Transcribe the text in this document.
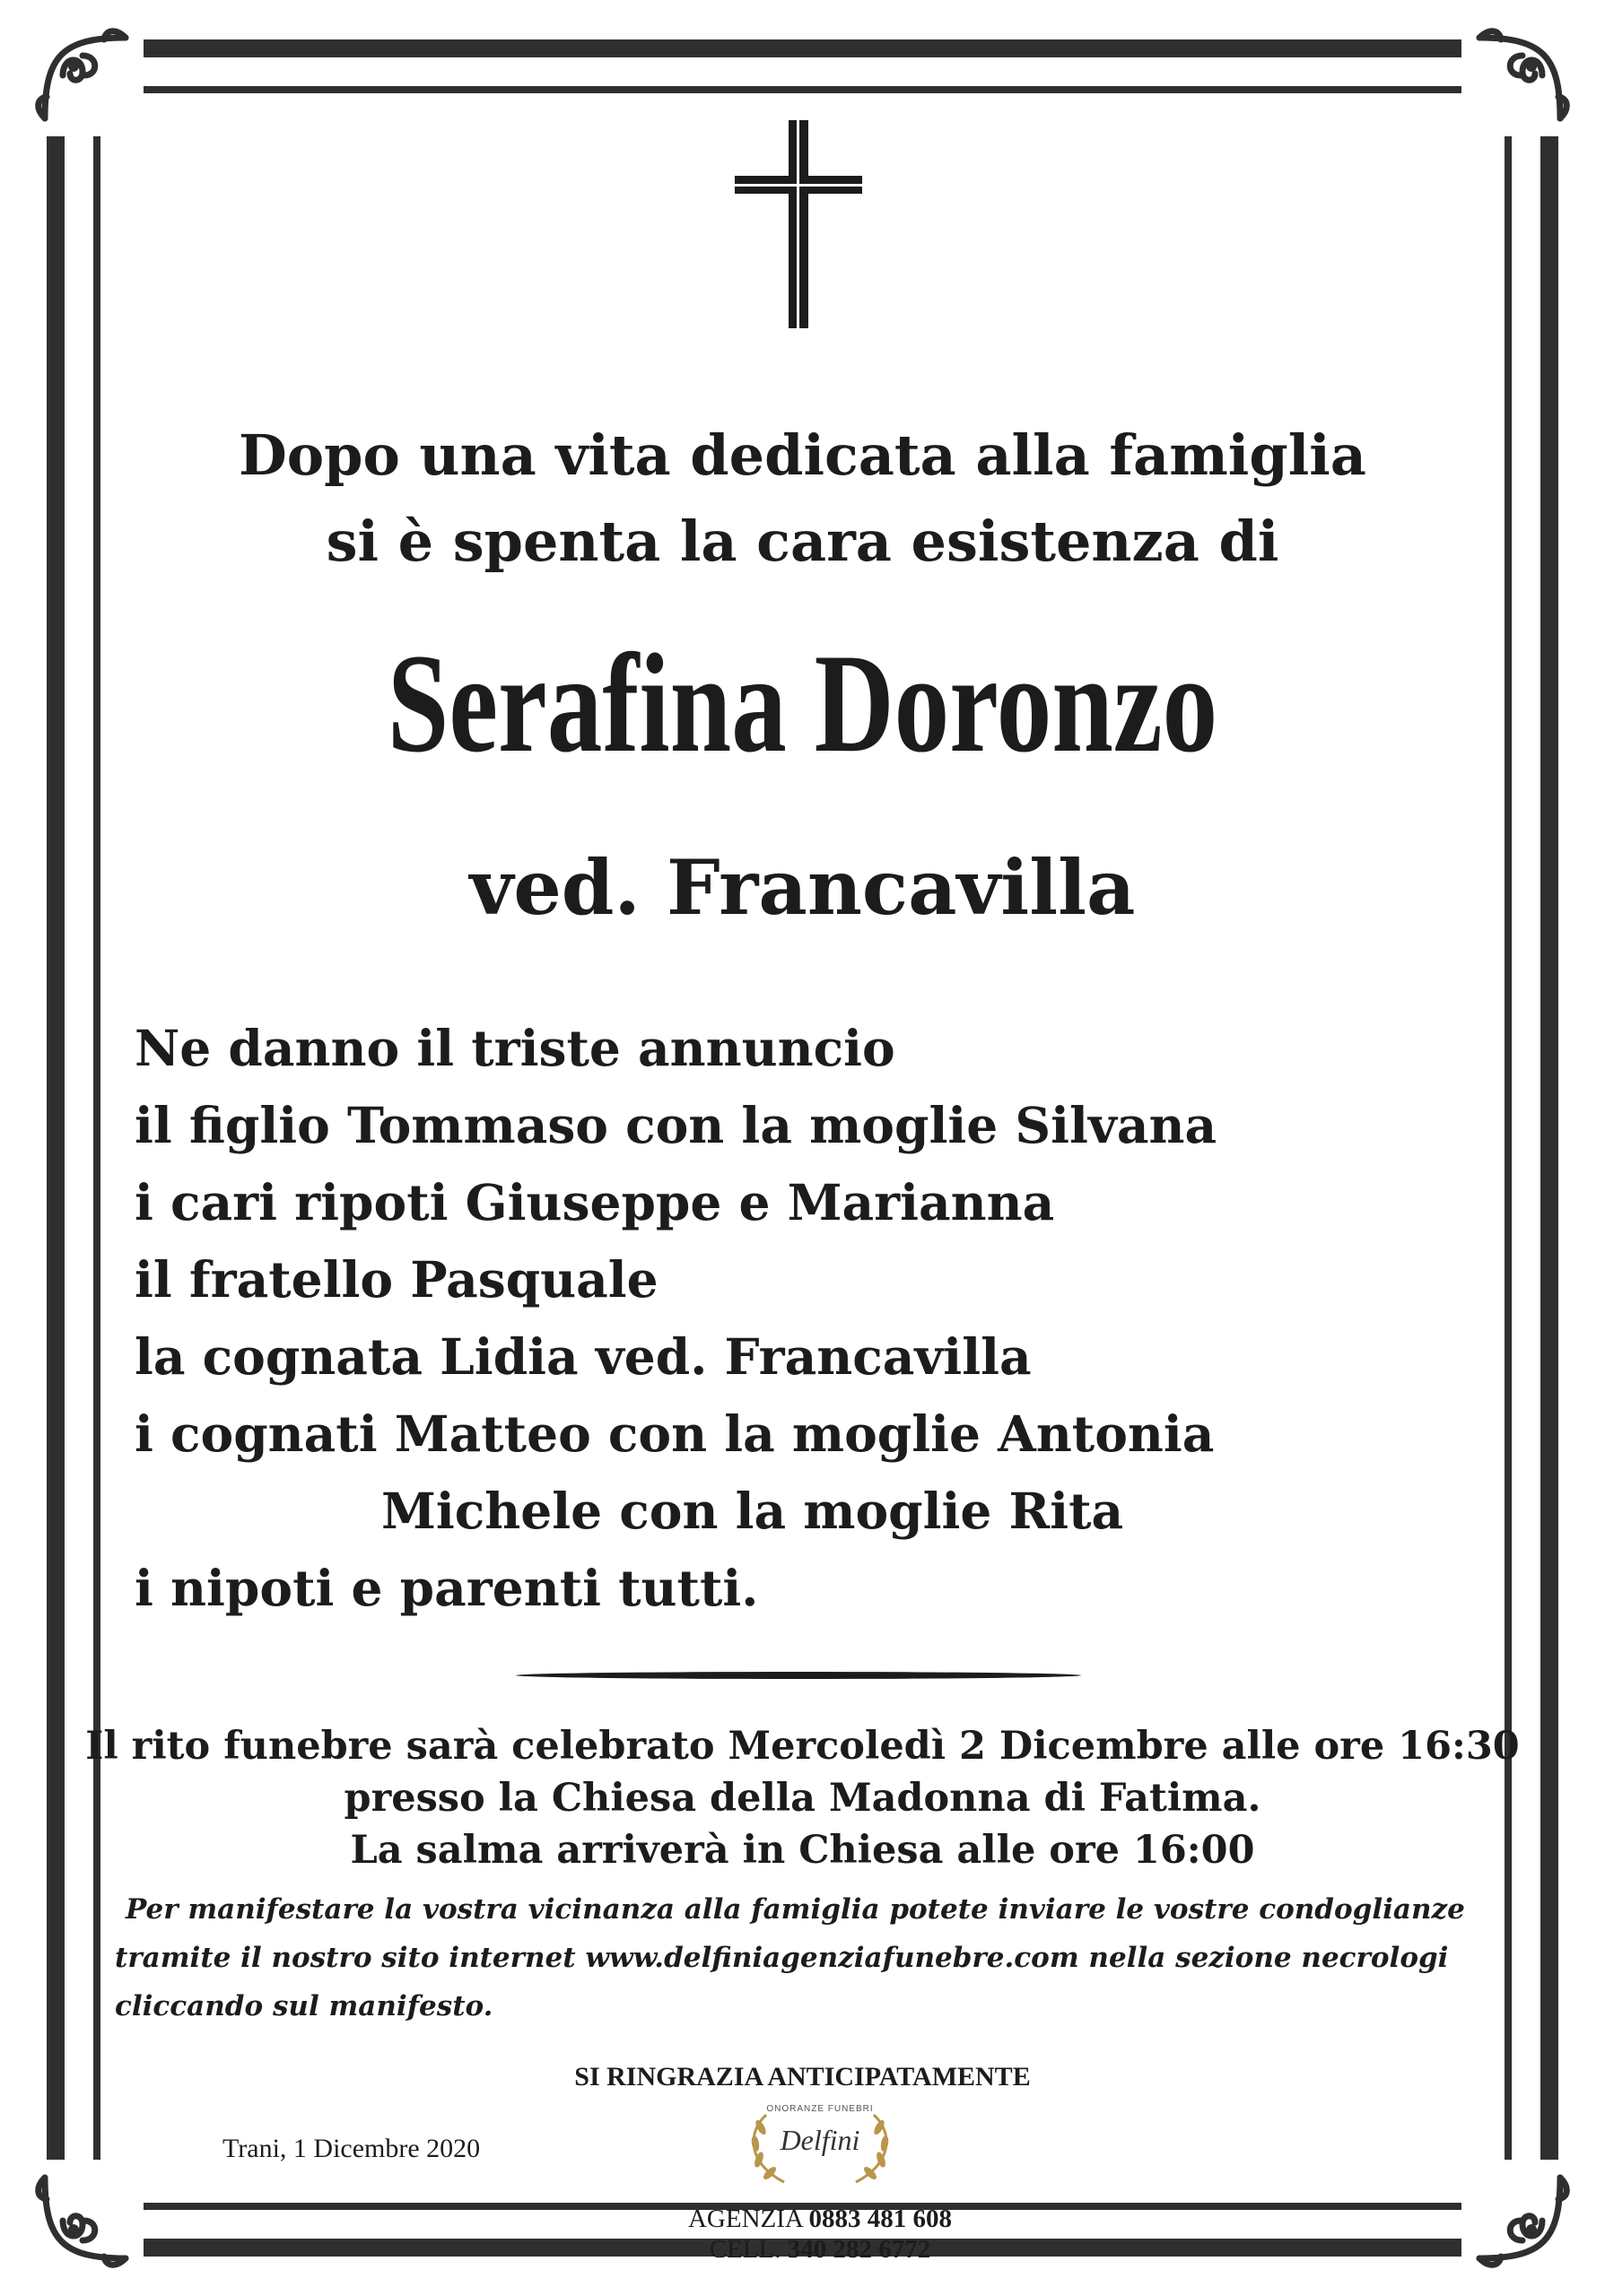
Dopo una vita dedicata alla famiglia
si è spenta la cara esistenza di
Serafina Doronzo
ved. Francavilla
Ne danno il triste annuncio
il figlio Tommaso con la moglie Silvana
i cari ripoti Giuseppe e Marianna
il fratello Pasquale
la cognata Lidia ved. Francavilla
i cognati Matteo con la moglie Antonia
Michele con la moglie Rita
i nipoti e parenti tutti.
Il rito funebre sarà celebrato Mercoledì 2 Dicembre alle ore 16:30
presso la Chiesa della Madonna di Fatima.
La salma arriverà in Chiesa alle ore 16:00
Per manifestare la vostra vicinanza alla famiglia potete inviare le vostre condoglianze
tramite il nostro sito internet www.delfiniagenziafunebre.com nella sezione necrologi
cliccando sul manifesto.
SI RINGRAZIA ANTICIPATAMENTE
Trani, 1 Dicembre 2020
ONORANZE FUNEBRI
Delfini
AGENZIA 0883 481 608
CELL. 340 282 6772
